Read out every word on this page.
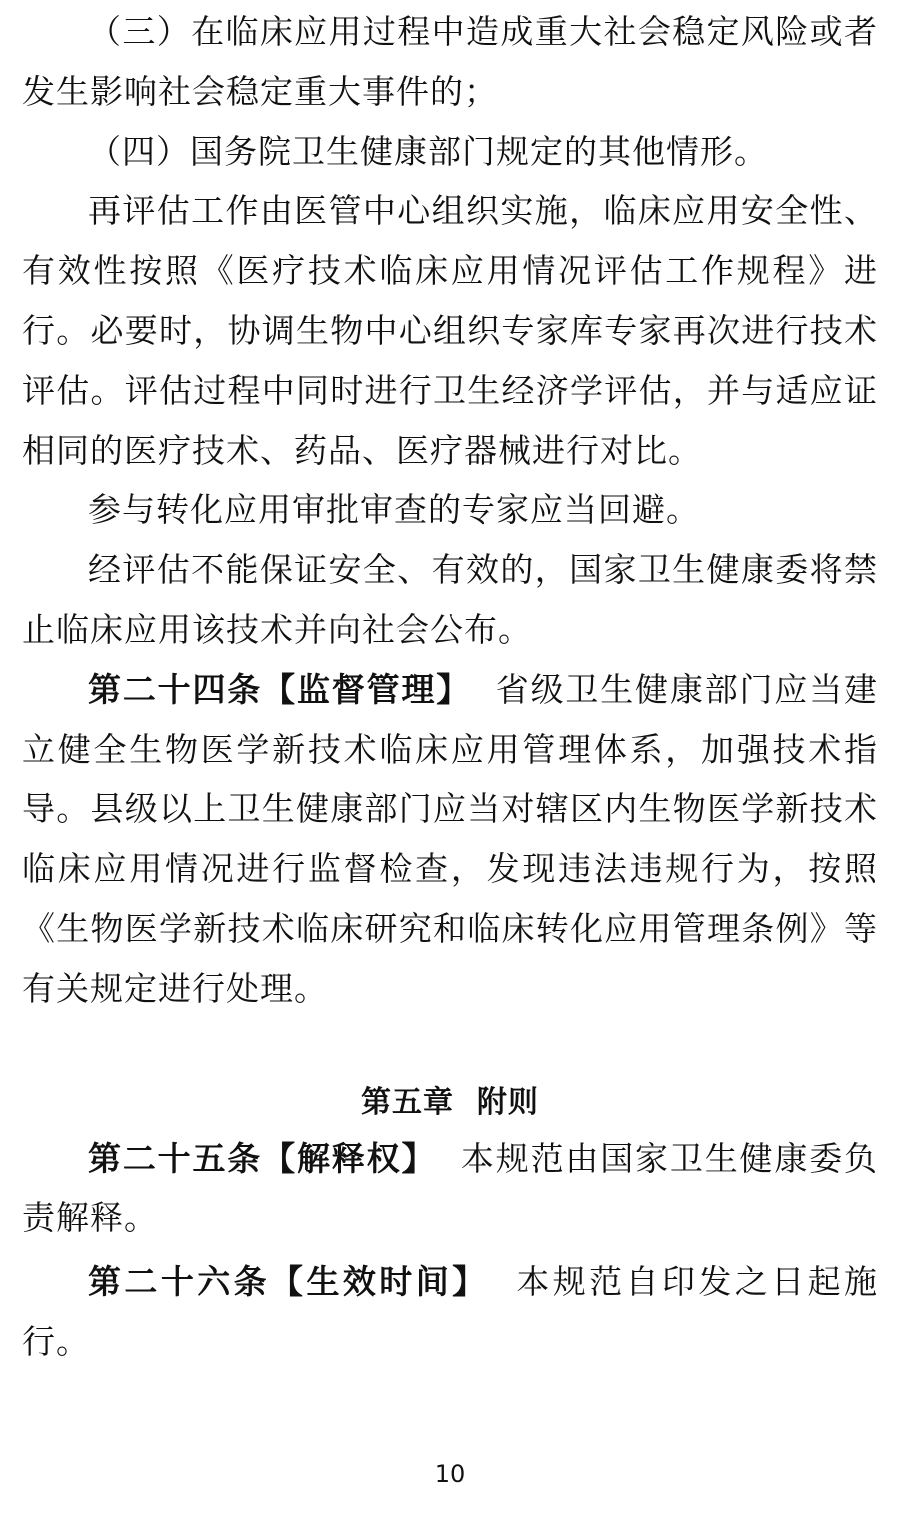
（三）在临床应用过程中造成重大社会稳定风险或者发生影响社会稳定重大事件的；

（四）国务院卫生健康部门规定的其他情形。

再评估工作由医管中心组织实施，临床应用安全性、有效性按照《医疗技术临床应用情况评估工作规程》进行。必要时，协调生物中心组织专家库专家再次进行技术评估。评估过程中同时进行卫生经济学评估，并与适应证相同的医疗技术、药品、医疗器械进行对比。

参与转化应用审批审查的专家应当回避。

经评估不能保证安全、有效的，国家卫生健康委将禁止临床应用该技术并向社会公布。

第二十四条【监督管理】 省级卫生健康部门应当建立健全生物医学新技术临床应用管理体系，加强技术指导。县级以上卫生健康部门应当对辖区内生物医学新技术临床应用情况进行监督检查，发现违法违规行为，按照《生物医学新技术临床研究和临床转化应用管理条例》等有关规定进行处理。

第五章  附则

第二十五条【解释权】 本规范由国家卫生健康委负责解释。

第二十六条【生效时间】 本规范自印发之日起施行。

10
